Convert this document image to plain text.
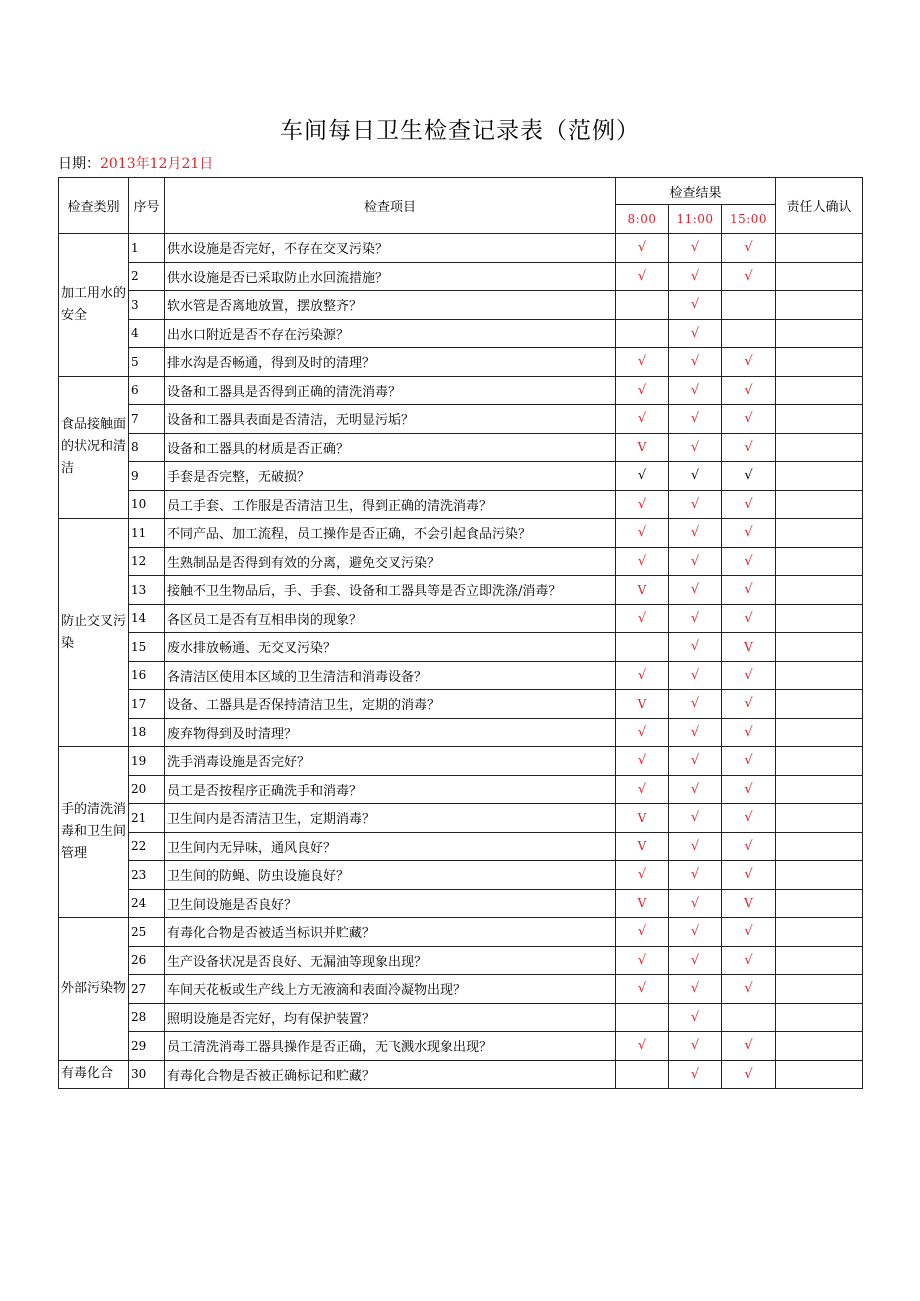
车间每日卫生检查记录表（范例）
日期：2013年12月21日
检查类别	序号	检查项目	检查结果			责任人确认
			8:00	11:00	15:00	
加工用水的安全	1	供水设施是否完好，不存在交叉污染？	√	√	√	
	2	供水设施是否已采取防止水回流措施？	√	√	√	
	3	软水管是否离地放置，摆放整齐？		√		
	4	出水口附近是否不存在污染源？		√		
	5	排水沟是否畅通，得到及时的清理？	√	√	√	
食品接触面的状况和清洁	6	设备和工器具是否得到正确的清洗消毒？	√	√	√	
	7	设备和工器具表面是否清洁，无明显污垢？	√	√	√	
	8	设备和工器具的材质是否正确？	V	√	√	
	9	手套是否完整，无破损？	√	√	√	
	10	员工手套、工作服是否清洁卫生，得到正确的清洗消毒？	√	√	√	
防止交叉污染	11	不同产品、加工流程，员工操作是否正确，不会引起食品污染？	√	√	√	
	12	生熟制品是否得到有效的分离，避免交叉污染？	√	√	√	
	13	接触不卫生物品后，手、手套、设备和工器具等是否立即洗涤/消毒？	V	√	√	
	14	各区员工是否有互相串岗的现象？	√	√	√	
	15	废水排放畅通、无交叉污染？		√	V	
	16	各清洁区使用本区域的卫生清洁和消毒设备？	√	√	√	
	17	设备、工器具是否保持清洁卫生，定期的消毒？	V	√	√	
	18	废弃物得到及时清理？	√	√	√	
手的清洗消毒和卫生间管理	19	洗手消毒设施是否完好？	√	√	√	
	20	员工是否按程序正确洗手和消毒？	√	√	√	
	21	卫生间内是否清洁卫生，定期消毒？	V	√	√	
	22	卫生间内无异味，通风良好？	V	√	√	
	23	卫生间的防蝇、防虫设施良好？	√	√	√	
	24	卫生间设施是否良好？	V	√	V	
外部污染物	25	有毒化合物是否被适当标识并贮藏？	√	√	√	
	26	生产设备状况是否良好、无漏油等现象出现？	√	√	√	
	27	车间天花板或生产线上方无液滴和表面冷凝物出现？	√	√	√	
	28	照明设施是否完好，均有保护装置？		√		
	29	员工清洗消毒工器具操作是否正确，无飞溅水现象出现？	√	√	√	
有毒化合	30	有毒化合物是否被正确标记和贮藏？		√	√	
